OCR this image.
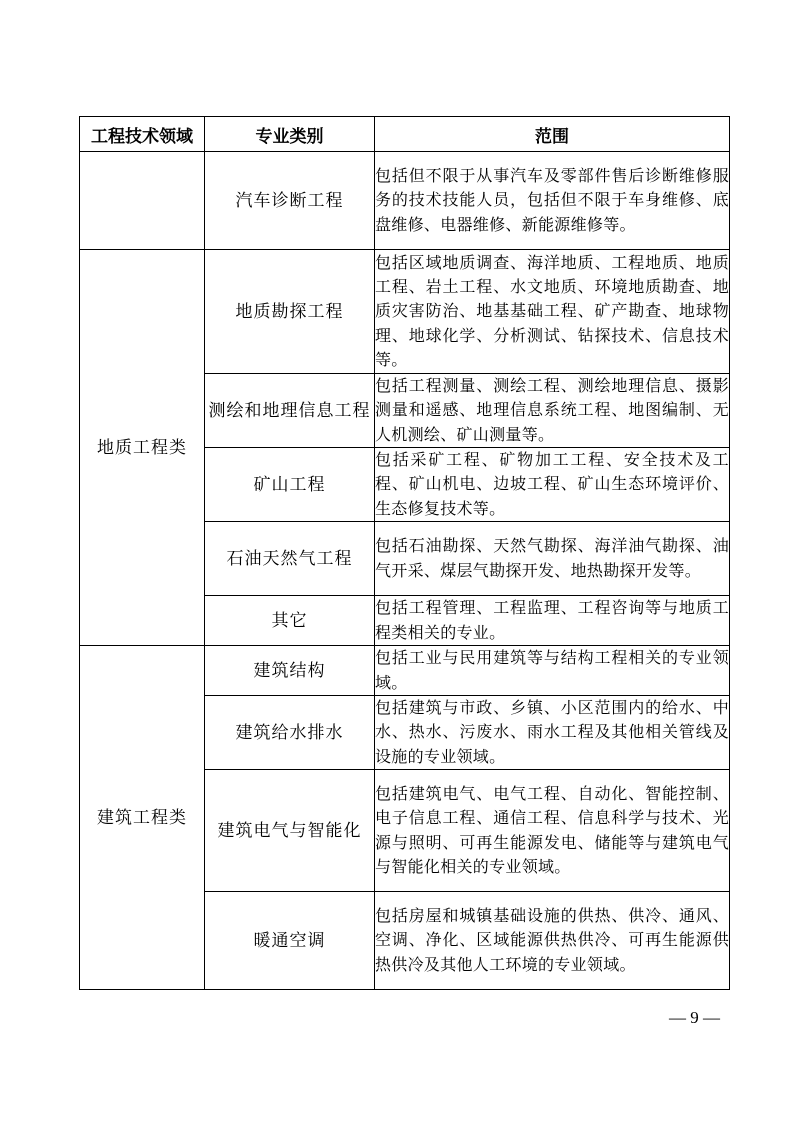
工程技术领域	专业类别	范围
	汽车诊断工程	包括但不限于从事汽车及零部件售后诊断维修服务的技术技能人员，包括但不限于车身维修、底盘维修、电器维修、新能源维修等。
地质工程类	地质勘探工程	包括区域地质调查、海洋地质、工程地质、地质工程、岩土工程、水文地质、环境地质勘查、地质灾害防治、地基基础工程、矿产勘查、地球物理、地球化学、分析测试、钻探技术、信息技术等。
	测绘和地理信息工程	包括工程测量、测绘工程、测绘地理信息、摄影测量和遥感、地理信息系统工程、地图编制、无人机测绘、矿山测量等。
	矿山工程	包括采矿工程、矿物加工工程、安全技术及工程、矿山机电、边坡工程、矿山生态环境评价、生态修复技术等。
	石油天然气工程	包括石油勘探、天然气勘探、海洋油气勘探、油气开采、煤层气勘探开发、地热勘探开发等。
	其它	包括工程管理、工程监理、工程咨询等与地质工程类相关的专业。
建筑工程类	建筑结构	包括工业与民用建筑等与结构工程相关的专业领域。
	建筑给水排水	包括建筑与市政、乡镇、小区范围内的给水、中水、热水、污废水、雨水工程及其他相关管线及设施的专业领域。
	建筑电气与智能化	包括建筑电气、电气工程、自动化、智能控制、电子信息工程、通信工程、信息科学与技术、光源与照明、可再生能源发电、储能等与建筑电气与智能化相关的专业领域。
	暖通空调	包括房屋和城镇基础设施的供热、供冷、通风、空调、净化、区域能源供热供冷、可再生能源供热供冷及其他人工环境的专业领域。
— 9 —
